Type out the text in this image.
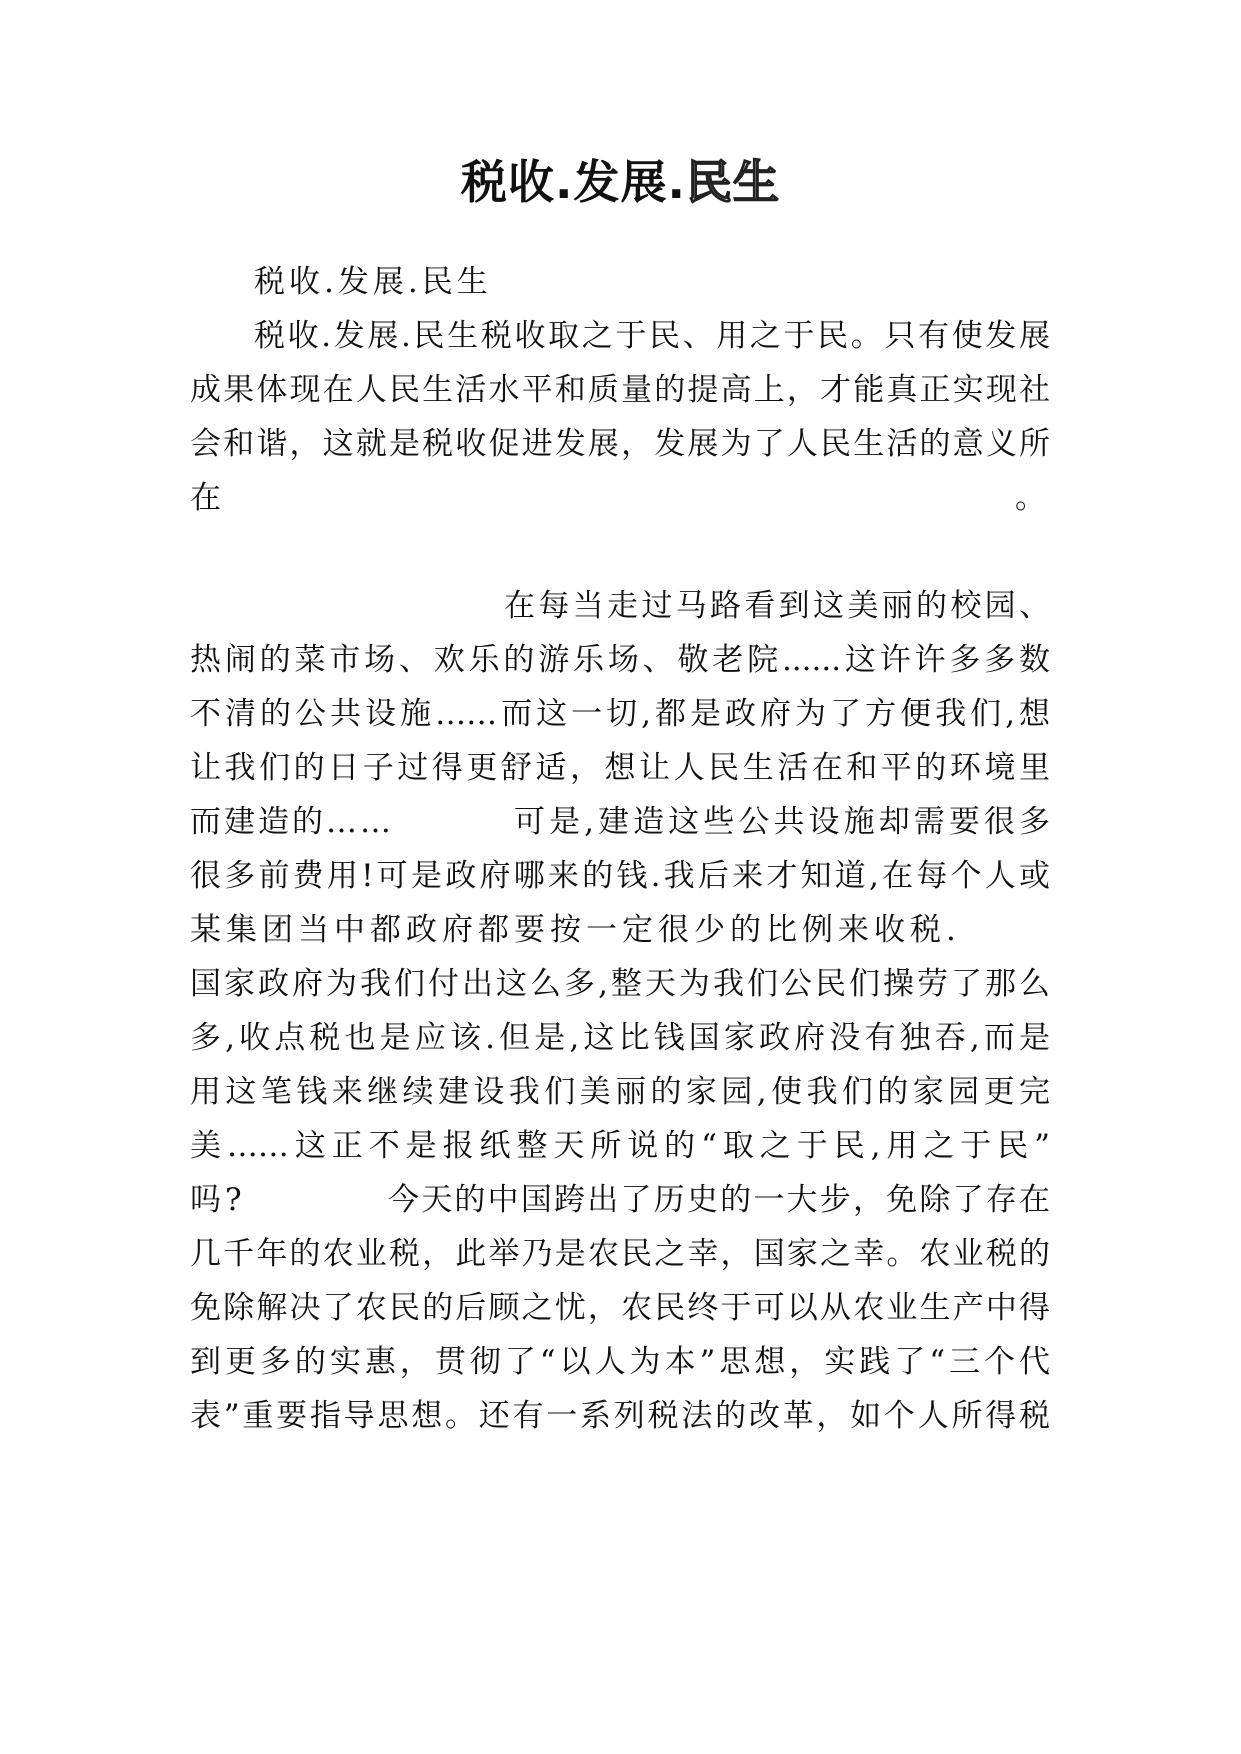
税收.发展.民生
税收.发展.民生
税收.发展.民生税收取之于民、用之于民。只有使发展
成果体现在人民生活水平和质量的提高上，才能真正实现社
会和谐，这就是税收促进发展，发展为了人民生活的意义所
在	。
在每当走过马路看到这美丽的校园、
热闹的菜市场、欢乐的游乐场、敬老院......这许许多多数
不清的公共设施……而这一切,都是政府为了方便我们,想
让我们的日子过得更舒适，想让人民生活在和平的环境里
而建造的……	可是,建造这些公共设施却需要很多
很多前费用!可是政府哪来的钱.我后来才知道,在每个人或
某集团当中都政府都要按一定很少的比例来收税.
国家政府为我们付出这么多,整天为我们公民们操劳了那么
多,收点税也是应该.但是,这比钱国家政府没有独吞,而是
用这笔钱来继续建设我们美丽的家园,使我们的家园更完
美……这正不是报纸整天所说的“取之于民,用之于民”
吗?	今天的中国跨出了历史的一大步，免除了存在
几千年的农业税，此举乃是农民之幸，国家之幸。农业税的
免除解决了农民的后顾之忧，农民终于可以从农业生产中得
到更多的实惠，贯彻了“以人为本”思想，实践了“三个代
表”重要指导思想。还有一系列税法的改革，如个人所得税
